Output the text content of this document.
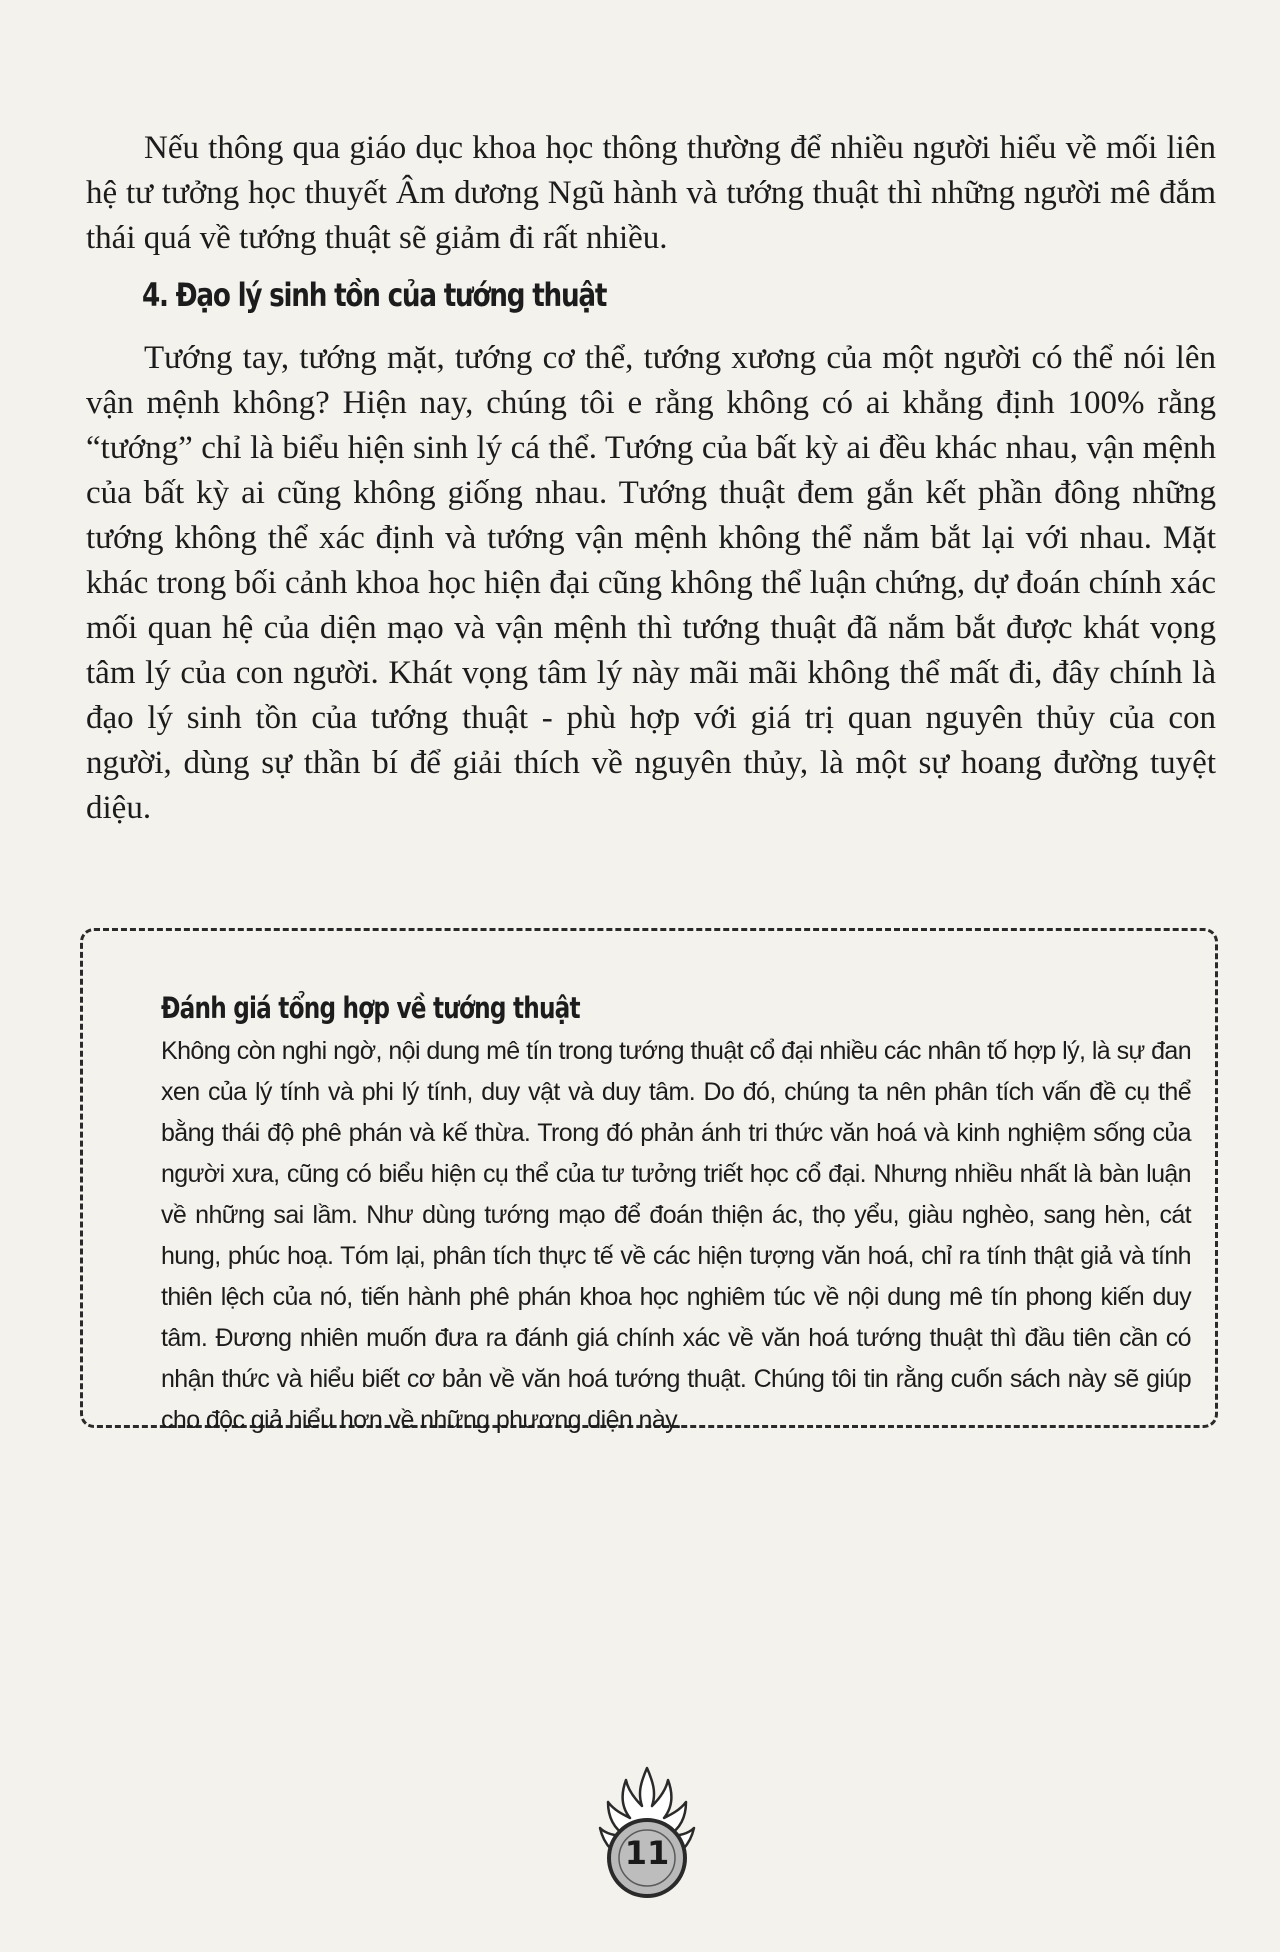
Nếu thông qua giáo dục khoa học thông thường để nhiều người hiểu về mối liên hệ tư tưởng học thuyết Âm dương Ngũ hành và tướng thuật thì những người mê đắm thái quá về tướng thuật sẽ giảm đi rất nhiều.

4. Đạo lý sinh tồn của tướng thuật

Tướng tay, tướng mặt, tướng cơ thể, tướng xương của một người có thể nói lên vận mệnh không? Hiện nay, chúng tôi e rằng không có ai khẳng định 100% rằng “tướng” chỉ là biểu hiện sinh lý cá thể. Tướng của bất kỳ ai đều khác nhau, vận mệnh của bất kỳ ai cũng không giống nhau. Tướng thuật đem gắn kết phần đông những tướng không thể xác định và tướng vận mệnh không thể nắm bắt lại với nhau. Mặt khác trong bối cảnh khoa học hiện đại cũng không thể luận chứng, dự đoán chính xác mối quan hệ của diện mạo và vận mệnh thì tướng thuật đã nắm bắt được khát vọng tâm lý của con người. Khát vọng tâm lý này mãi mãi không thể mất đi, đây chính là đạo lý sinh tồn của tướng thuật - phù hợp với giá trị quan nguyên thủy của con người, dùng sự thần bí để giải thích về nguyên thủy, là một sự hoang đường tuyệt diệu.

Đánh giá tổng hợp về tướng thuật

Không còn nghi ngờ, nội dung mê tín trong tướng thuật cổ đại nhiều các nhân tố hợp lý, là sự đan xen của lý tính và phi lý tính, duy vật và duy tâm. Do đó, chúng ta nên phân tích vấn đề cụ thể bằng thái độ phê phán và kế thừa. Trong đó phản ánh tri thức văn hoá và kinh nghiệm sống của người xưa, cũng có biểu hiện cụ thể của tư tưởng triết học cổ đại. Nhưng nhiều nhất là bàn luận về những sai lầm. Như dùng tướng mạo để đoán thiện ác, thọ yểu, giàu nghèo, sang hèn, cát hung, phúc hoạ. Tóm lại, phân tích thực tế về các hiện tượng văn hoá, chỉ ra tính thật giả và tính thiên lệch của nó, tiến hành phê phán khoa học nghiêm túc về nội dung mê tín phong kiến duy tâm. Đương nhiên muốn đưa ra đánh giá chính xác về văn hoá tướng thuật thì đầu tiên cần có nhận thức và hiểu biết cơ bản về văn hoá tướng thuật. Chúng tôi tin rằng cuốn sách này sẽ giúp cho độc giả hiểu hơn về những phương diện này.

11
